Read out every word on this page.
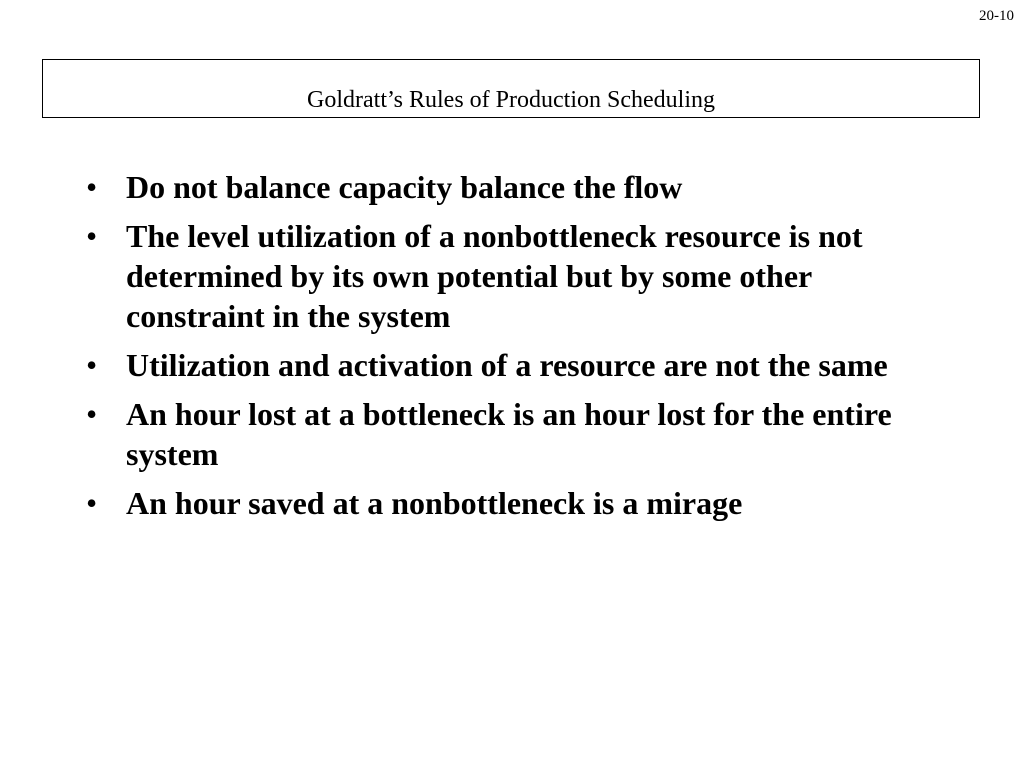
20-10
Goldratt’s Rules of Production Scheduling
• Do not balance capacity balance the flow
• The level utilization of a nonbottleneck resource is not determined by its own potential but by some other constraint in the system
• Utilization and activation of a resource are not the same
• An hour lost at a bottleneck is an hour lost for the entire system
• An hour saved at a nonbottleneck is a mirage
